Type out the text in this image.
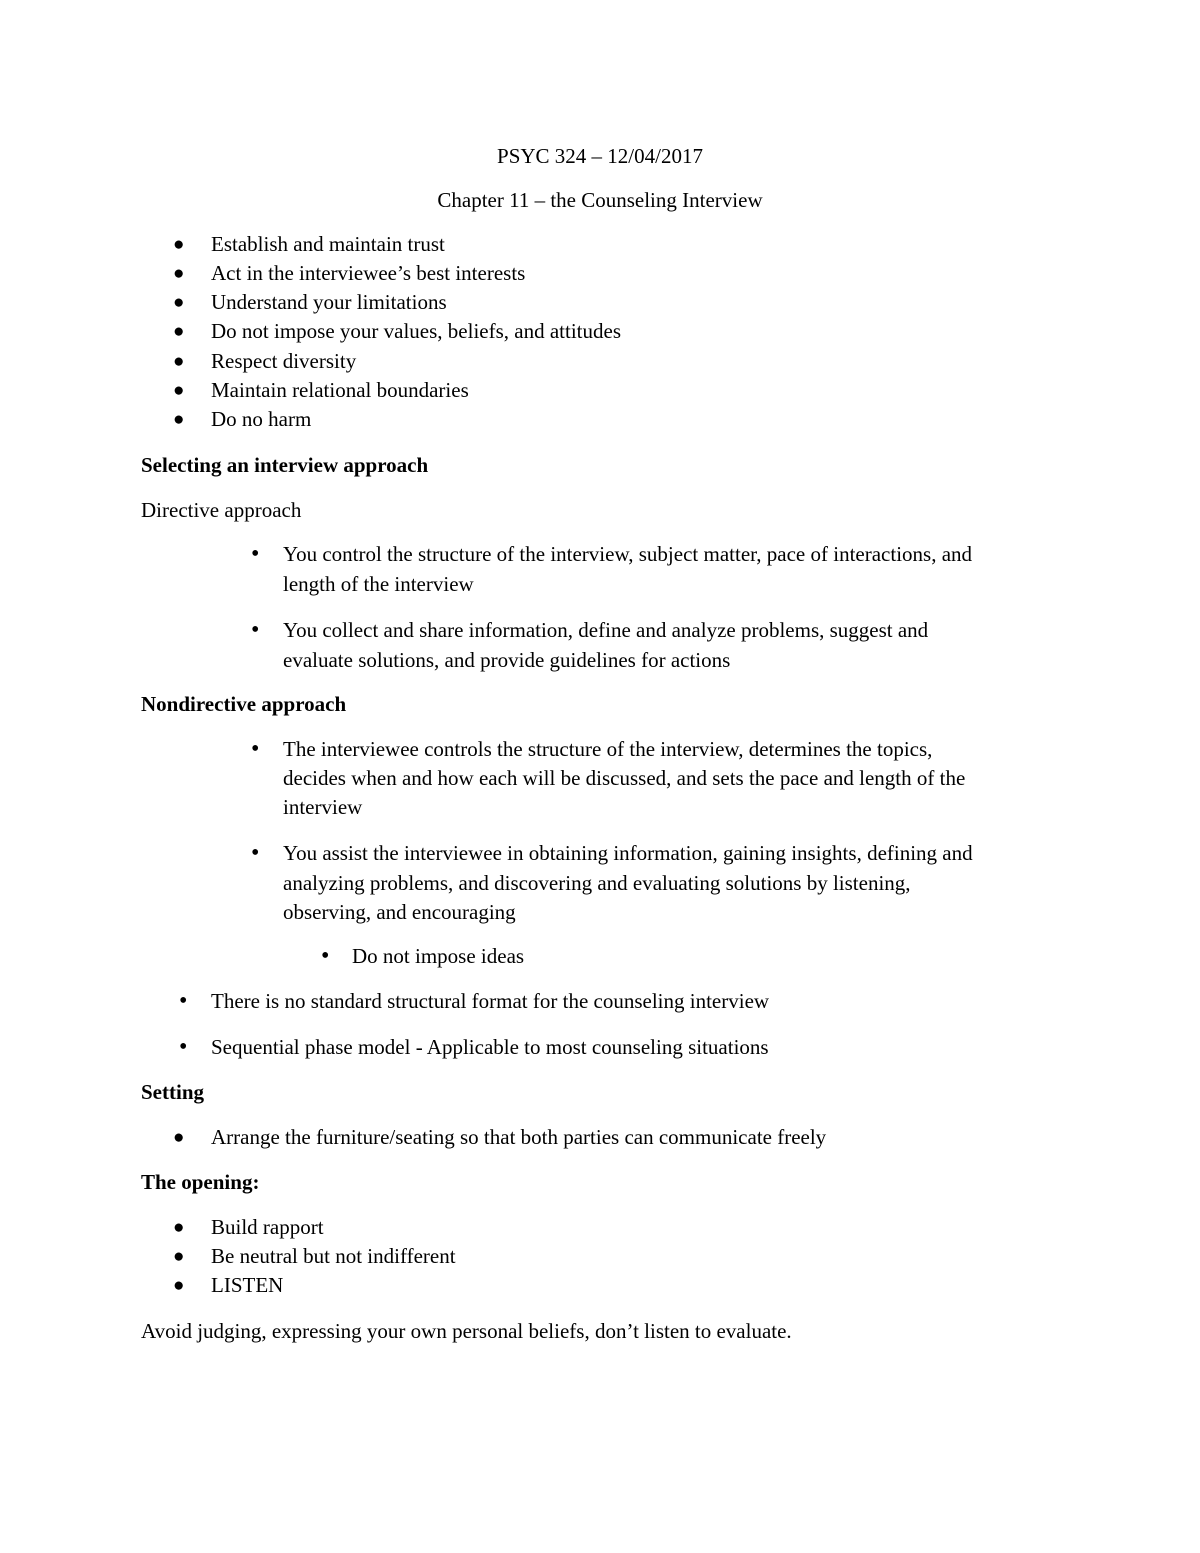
PSYC 324 – 12/04/2017
Chapter 11 – the Counseling Interview
●
Establish and maintain trust
●
Act in the interviewee’s best interests
●
Understand your limitations
●
Do not impose your values, beliefs, and attitudes
●
Respect diversity
●
Maintain relational boundaries
●
Do no harm
Selecting an interview approach
Directive approach
•
You control the structure of the interview, subject matter, pace of interactions, and
length of the interview
•
You collect and share information, define and analyze problems, suggest and
evaluate solutions, and provide guidelines for actions
Nondirective approach
•
The interviewee controls the structure of the interview, determines the topics,
decides when and how each will be discussed, and sets the pace and length of the
interview
•
You assist the interviewee in obtaining information, gaining insights, defining and
analyzing problems, and discovering and evaluating solutions by listening,
observing, and encouraging
•
Do not impose ideas
•
There is no standard structural format for the counseling interview
•
Sequential phase model - Applicable to most counseling situations
Setting
●
Arrange the furniture/seating so that both parties can communicate freely
The opening:
●
Build rapport
●
Be neutral but not indifferent
●
LISTEN
Avoid judging, expressing your own personal beliefs, don’t listen to evaluate.
